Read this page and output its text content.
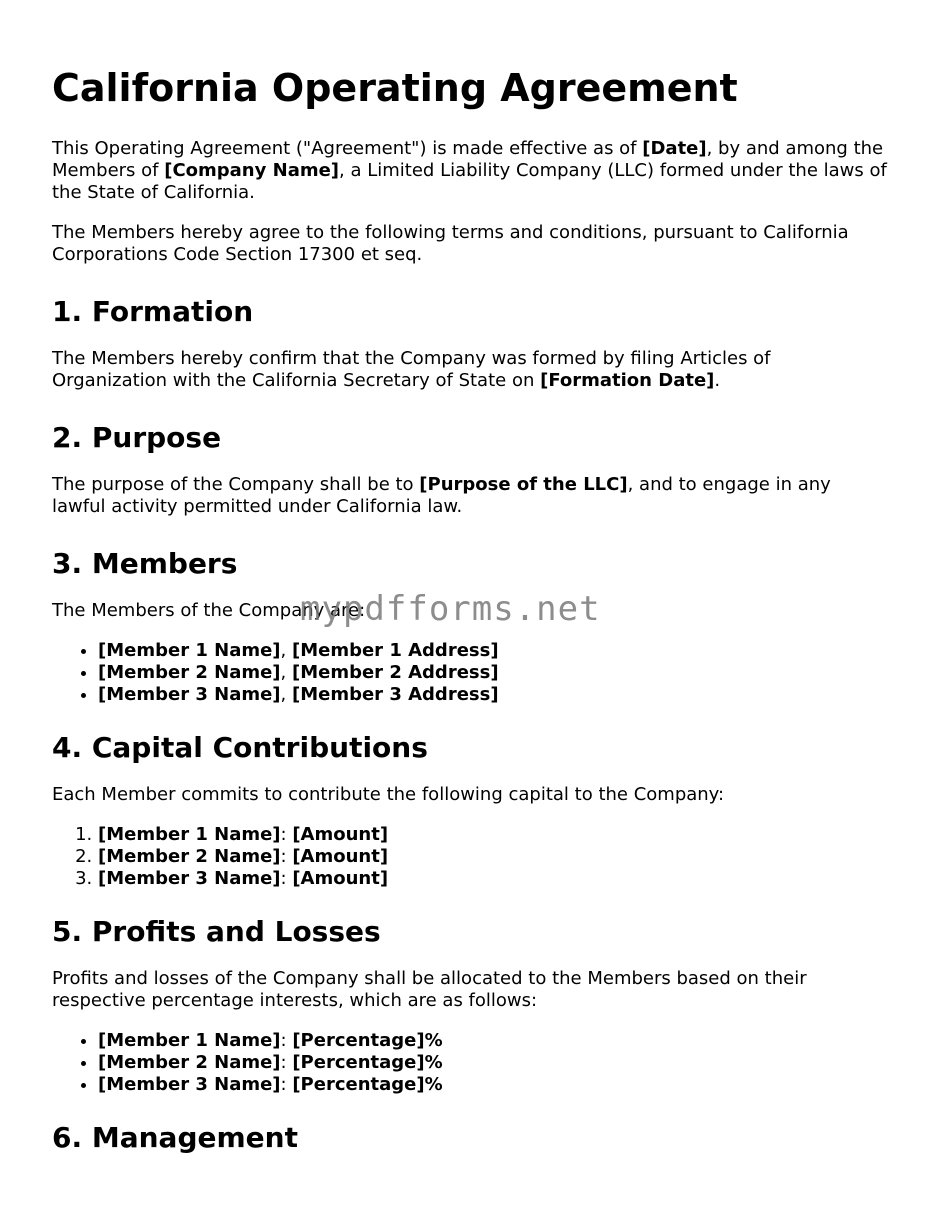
California Operating Agreement

This Operating Agreement ("Agreement") is made effective as of [Date], by and among the Members of [Company Name], a Limited Liability Company (LLC) formed under the laws of the State of California.

The Members hereby agree to the following terms and conditions, pursuant to California Corporations Code Section 17300 et seq.

1. Formation

The Members hereby confirm that the Company was formed by filing Articles of Organization with the California Secretary of State on [Formation Date].

2. Purpose

The purpose of the Company shall be to [Purpose of the LLC], and to engage in any lawful activity permitted under California law.

3. Members

The Members of the Company are:

• [Member 1 Name], [Member 1 Address]
• [Member 2 Name], [Member 2 Address]
• [Member 3 Name], [Member 3 Address]
4. Capital Contributions

Each Member commits to contribute the following capital to the Company:

1. [Member 1 Name]: [Amount]
2. [Member 2 Name]: [Amount]
3. [Member 3 Name]: [Amount]
5. Profits and Losses

Profits and losses of the Company shall be allocated to the Members based on their respective percentage interests, which are as follows:

• [Member 1 Name]: [Percentage]%
• [Member 2 Name]: [Percentage]%
• [Member 3 Name]: [Percentage]%
6. Management
mypdfforms.net
